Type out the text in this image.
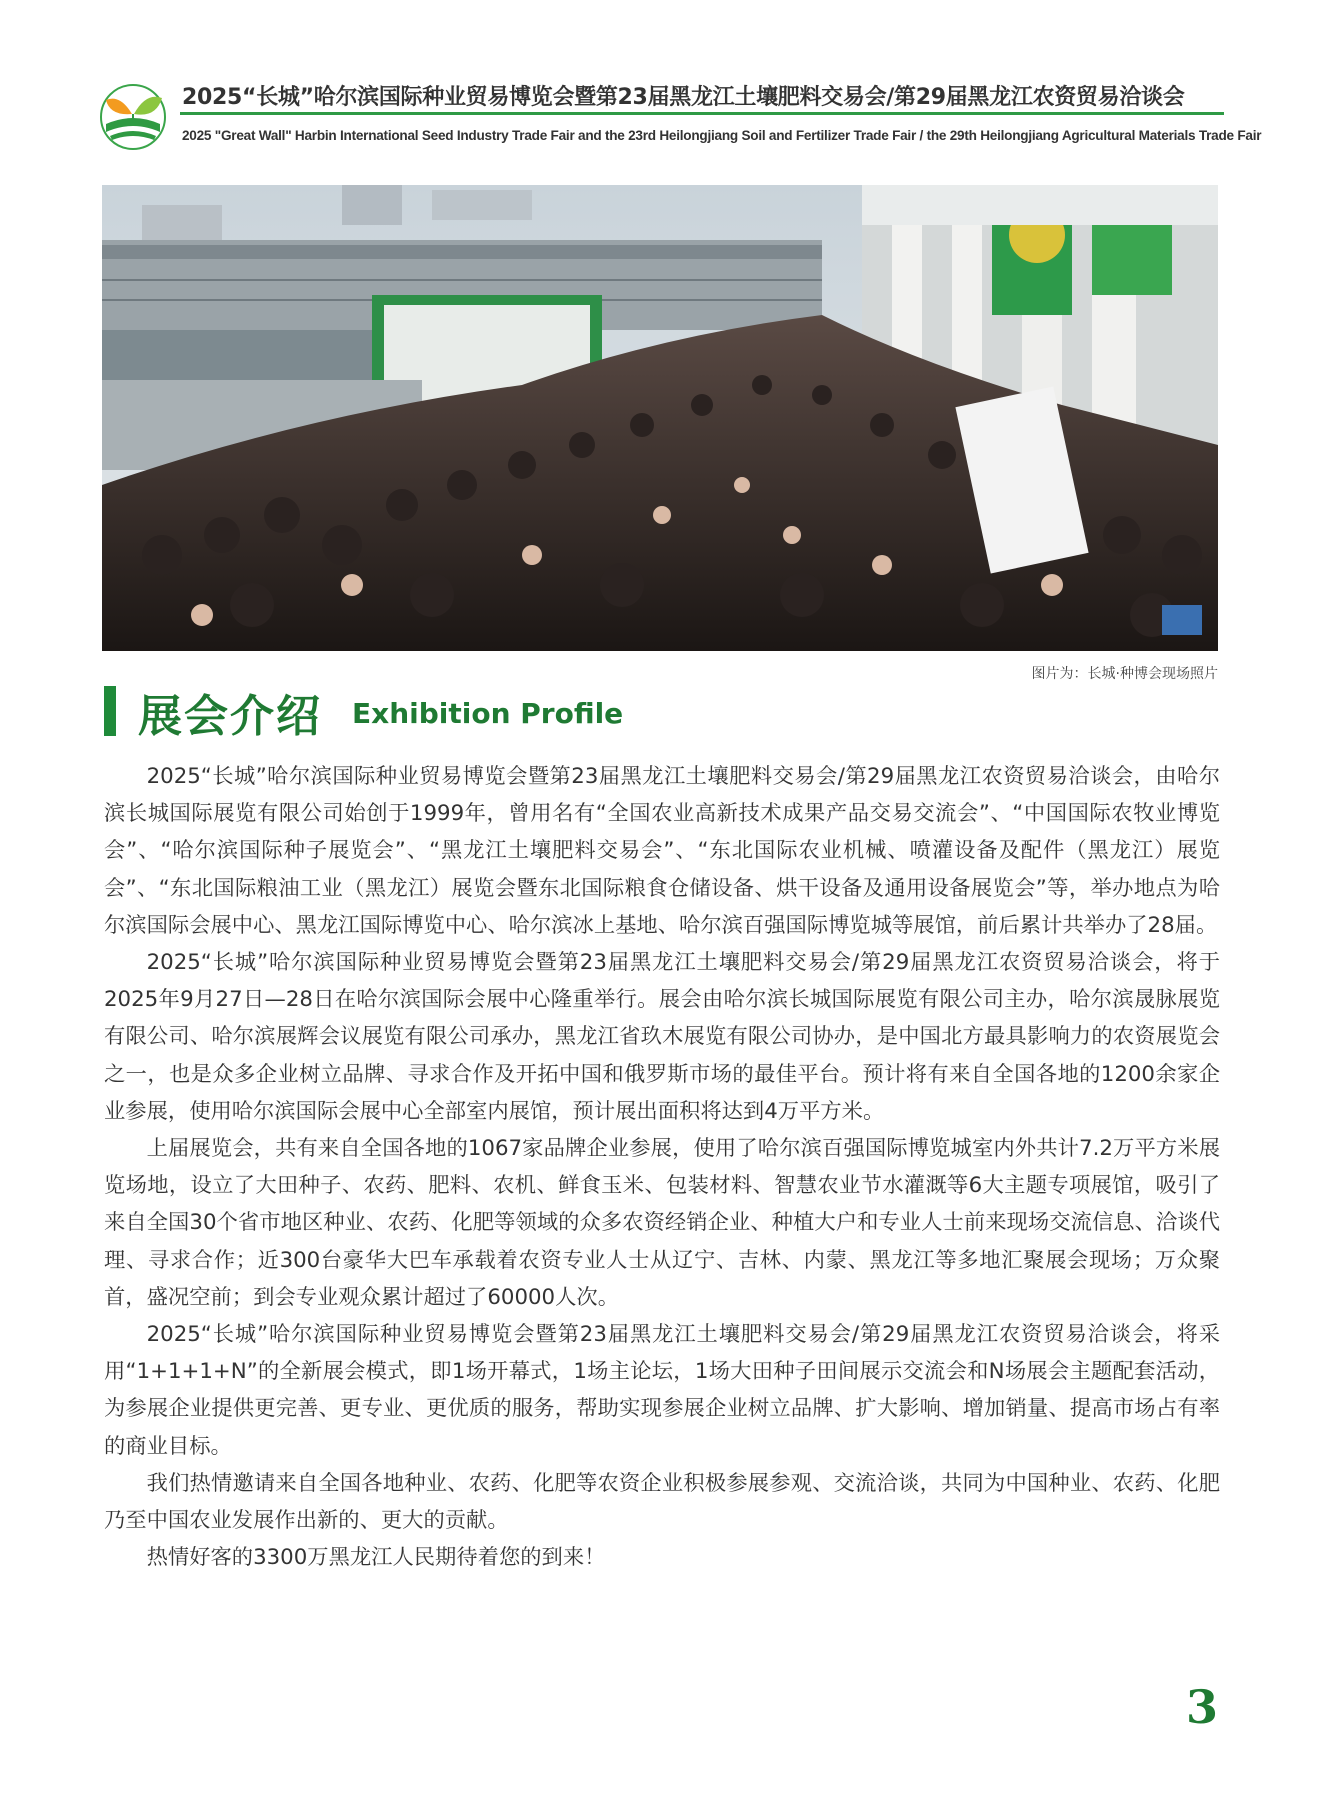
2025“长城”哈尔滨国际种业贸易博览会暨第23届黑龙江土壤肥料交易会/第29届黑龙江农资贸易洽谈会
2025 "Great Wall" Harbin International Seed Industry Trade Fair and the 23rd Heilongjiang Soil and Fertilizer Trade Fair / the 29th Heilongjiang Agricultural Materials Trade Fair
图片为：长城·种博会现场照片
展会介绍 Exhibition Profile

2025“长城”哈尔滨国际种业贸易博览会暨第23届黑龙江土壤肥料交易会/第29届黑龙江农资贸易洽谈会，由哈尔滨长城国际展览有限公司始创于1999年，曾用名有“全国农业高新技术成果产品交易交流会”、“中国国际农牧业博览会”、“哈尔滨国际种子展览会”、“黑龙江土壤肥料交易会”、“东北国际农业机械、喷灌设备及配件（黑龙江）展览会”、“东北国际粮油工业（黑龙江）展览会暨东北国际粮食仓储设备、烘干设备及通用设备展览会”等，举办地点为哈尔滨国际会展中心、黑龙江国际博览中心、哈尔滨冰上基地、哈尔滨百强国际博览城等展馆，前后累计共举办了28届。

2025“长城”哈尔滨国际种业贸易博览会暨第23届黑龙江土壤肥料交易会/第29届黑龙江农资贸易洽谈会，将于2025年9月27日—28日在哈尔滨国际会展中心隆重举行。展会由哈尔滨长城国际展览有限公司主办，哈尔滨晟脉展览有限公司、哈尔滨展辉会议展览有限公司承办，黑龙江省玖木展览有限公司协办，是中国北方最具影响力的农资展览会之一，也是众多企业树立品牌、寻求合作及开拓中国和俄罗斯市场的最佳平台。预计将有来自全国各地的1200余家企业参展，使用哈尔滨国际会展中心全部室内展馆，预计展出面积将达到4万平方米。

上届展览会，共有来自全国各地的1067家品牌企业参展，使用了哈尔滨百强国际博览城室内外共计7.2万平方米展览场地，设立了大田种子、农药、肥料、农机、鲜食玉米、包装材料、智慧农业节水灌溉等6大主题专项展馆，吸引了来自全国30个省市地区种业、农药、化肥等领域的众多农资经销企业、种植大户和专业人士前来现场交流信息、洽谈代理、寻求合作；近300台豪华大巴车承载着农资专业人士从辽宁、吉林、内蒙、黑龙江等多地汇聚展会现场；万众聚首，盛况空前；到会专业观众累计超过了60000人次。

2025“长城”哈尔滨国际种业贸易博览会暨第23届黑龙江土壤肥料交易会/第29届黑龙江农资贸易洽谈会，将采用“1+1+1+N”的全新展会模式，即1场开幕式，1场主论坛，1场大田种子田间展示交流会和N场展会主题配套活动，为参展企业提供更完善、更专业、更优质的服务，帮助实现参展企业树立品牌、扩大影响、增加销量、提高市场占有率的商业目标。

我们热情邀请来自全国各地种业、农药、化肥等农资企业积极参展参观、交流洽谈，共同为中国种业、农药、化肥乃至中国农业发展作出新的、更大的贡献。

热情好客的3300万黑龙江人民期待着您的到来！

3
